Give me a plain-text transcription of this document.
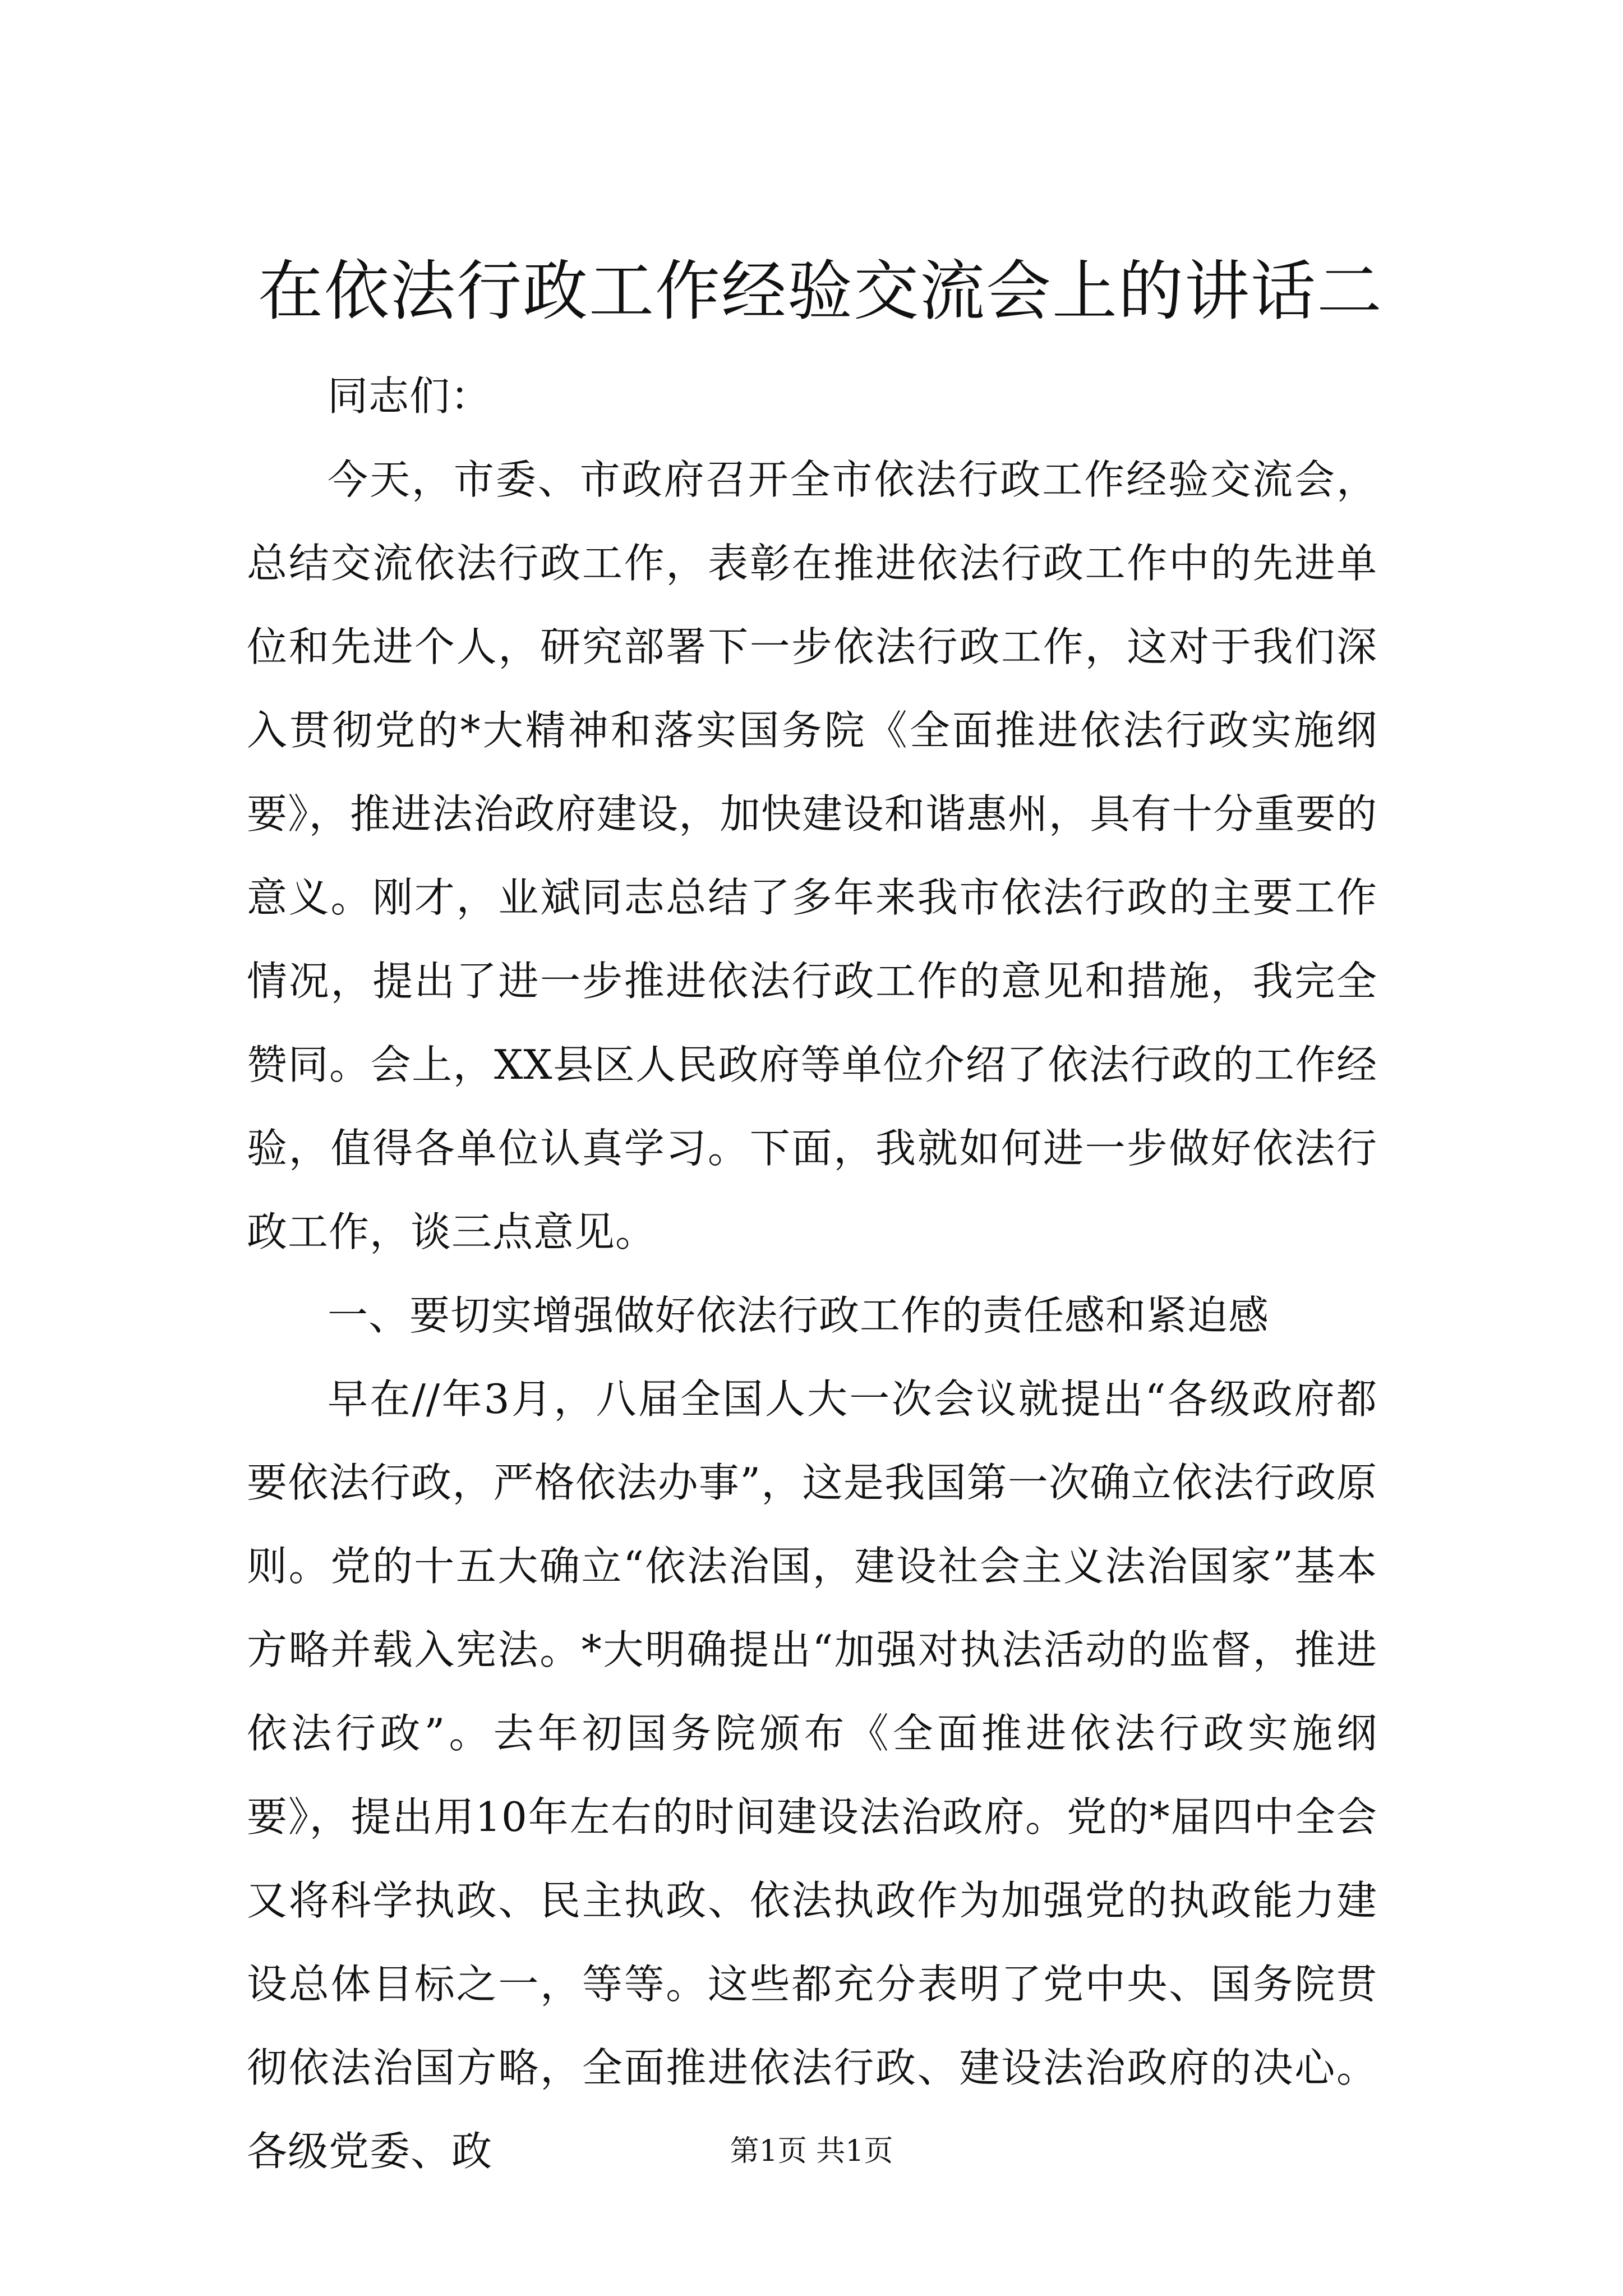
在依法行政工作经验交流会上的讲话二

同志们：

今天，市委、市政府召开全市依法行政工作经验交流会，总结交流依法行政工作，表彰在推进依法行政工作中的先进单位和先进个人，研究部署下一步依法行政工作，这对于我们深入贯彻党的*大精神和落实国务院《全面推进依法行政实施纲要》，推进法治政府建设，加快建设和谐惠州，具有十分重要的意义。刚才，业斌同志总结了多年来我市依法行政的主要工作情况，提出了进一步推进依法行政工作的意见和措施，我完全赞同。会上，XX县区人民政府等单位介绍了依法行政的工作经验，值得各单位认真学习。下面，我就如何进一步做好依法行政工作，谈三点意见。

一、要切实增强做好依法行政工作的责任感和紧迫感

早在//年3月，八届全国人大一次会议就提出“各级政府都要依法行政，严格依法办事”，这是我国第一次确立依法行政原则。党的十五大确立“依法治国，建设社会主义法治国家”基本方略并载入宪法。*大明确提出“加强对执法活动的监督，推进依法行政”。去年初国务院颁布《全面推进依法行政实施纲要》，提出用10年左右的时间建设法治政府。党的*届四中全会又将科学执政、民主执政、依法执政作为加强党的执政能力建设总体目标之一，等等。这些都充分表明了党中央、国务院贯彻依法治国方略，全面推进依法行政、建设法治政府的决心。各级党委、政	第1页 共1页
